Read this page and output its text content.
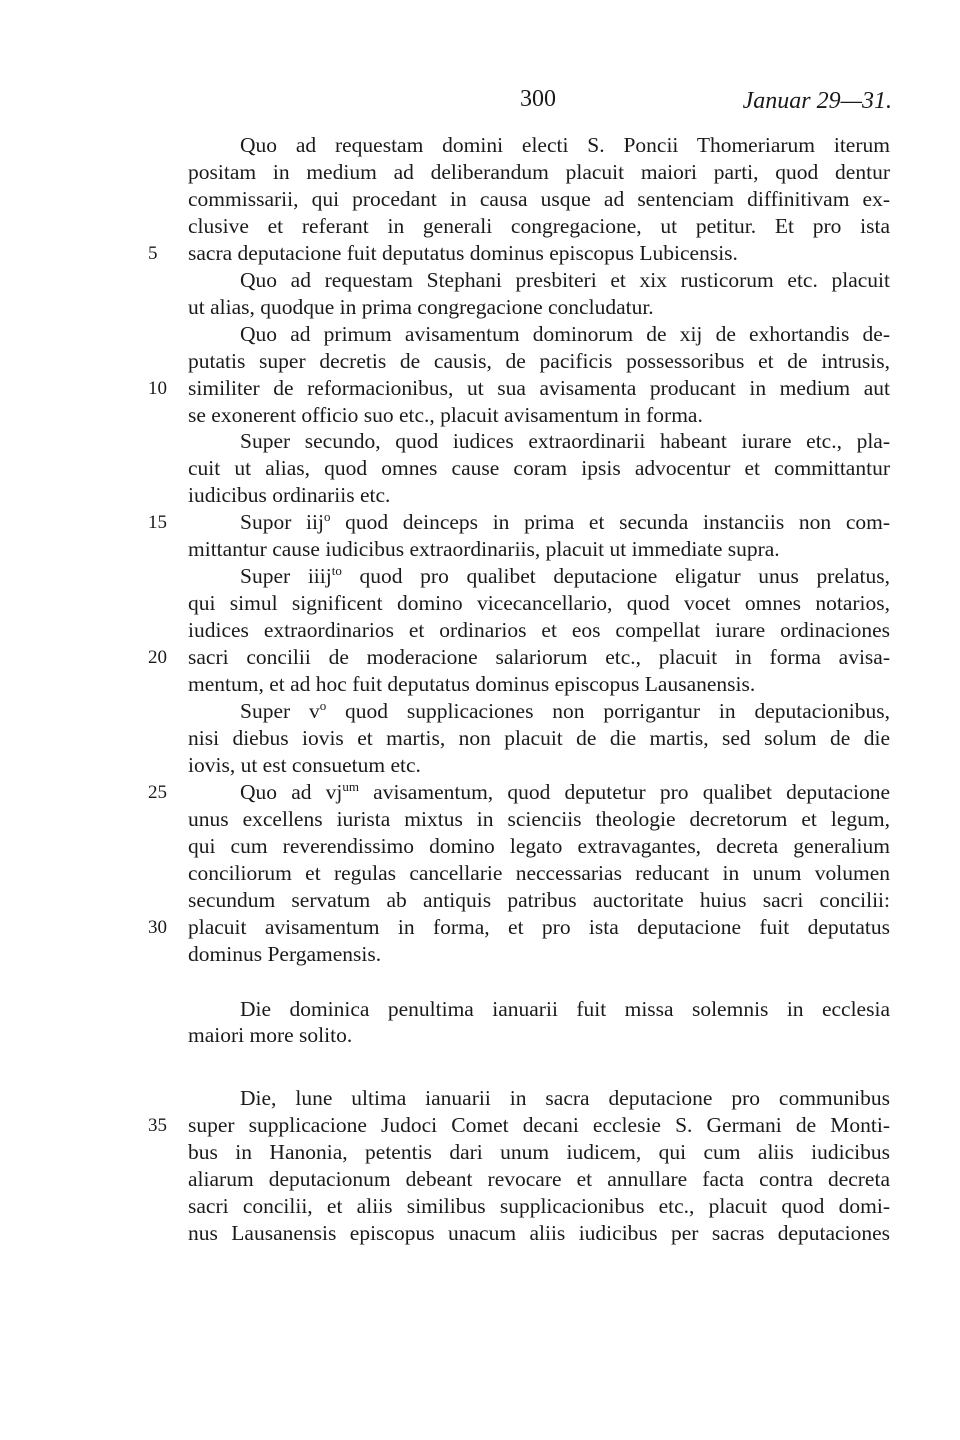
300	Januar 29—31.
Quo ad requestam domini electi S. Poncii Thomeriarum iterum
positam in medium ad deliberandum placuit maiori parti, quod dentur
commissarii, qui procedant in causa usque ad sentenciam diffinitivam ex-
clusive et referant in generali congregacione, ut petitur. Et pro ista
sacra deputacione fuit deputatus dominus episcopus Lubicensis.
5
Quo ad requestam Stephani presbiteri et xix rusticorum etc. placuit
ut alias, quodque in prima congregacione concludatur.
Quo ad primum avisamentum dominorum de xij de exhortandis de-
putatis super decretis de causis, de pacificis possessoribus et de intrusis,
similiter de reformacionibus, ut sua avisamenta producant in medium aut
10
se exonerent officio suo etc., placuit avisamentum in forma.
Super secundo, quod iudices extraordinarii habeant iurare etc., pla-
cuit ut alias, quod omnes cause coram ipsis advocentur et committantur
iudicibus ordinariis etc.
Supor iij$^o$ quod deinceps in prima et secunda instanciis non com-
15
mittantur cause iudicibus extraordinariis, placuit ut immediate supra.
Super iiij$^{to}$ quod pro qualibet deputacione eligatur unus prelatus,
qui simul significent domino vicecancellario, quod vocet omnes notarios,
iudices extraordinarios et ordinarios et eos compellat iurare ordinaciones
sacri concilii de moderacione salariorum etc., placuit in forma avisa-
20
mentum, et ad hoc fuit deputatus dominus episcopus Lausanensis.
Super $v^o$ quod supplicaciones non porrigantur in deputacionibus,
nisi diebus iovis et martis, non placuit de die martis, sed solum de die
iovis, ut est consuetum etc.
Quo ad $vj^{um}$ avisamentum, quod deputetur pro qualibet deputacione
25
unus excellens iurista mixtus in scienciis theologie decretorum et legum,
qui cum reverendissimo domino legato extravagantes, decreta generalium
conciliorum et regulas cancellarie neccessarias reducant in unum volumen
secundum servatum ab antiquis patribus auctoritate huius sacri concilii:
placuit avisamentum in forma, et pro ista deputacione fuit deputatus
30
dominus Pergamensis.
Die dominica penultima ianuarii fuit missa solemnis in ecclesia
maiori more solito.
Die, lune ultima ianuarii in sacra deputacione pro communibus
super supplicacione Judoci Comet decani ecclesie S. Germani de Monti-
35
bus in Hanonia, petentis dari unum iudicem, qui cum aliis iudicibus
aliarum deputacionum debeant revocare et annullare facta contra decreta
sacri concilii, et aliis similibus supplicacionibus etc., placuit quod domi-
nus Lausanensis episcopus unacum aliis iudicibus per sacras deputaciones
